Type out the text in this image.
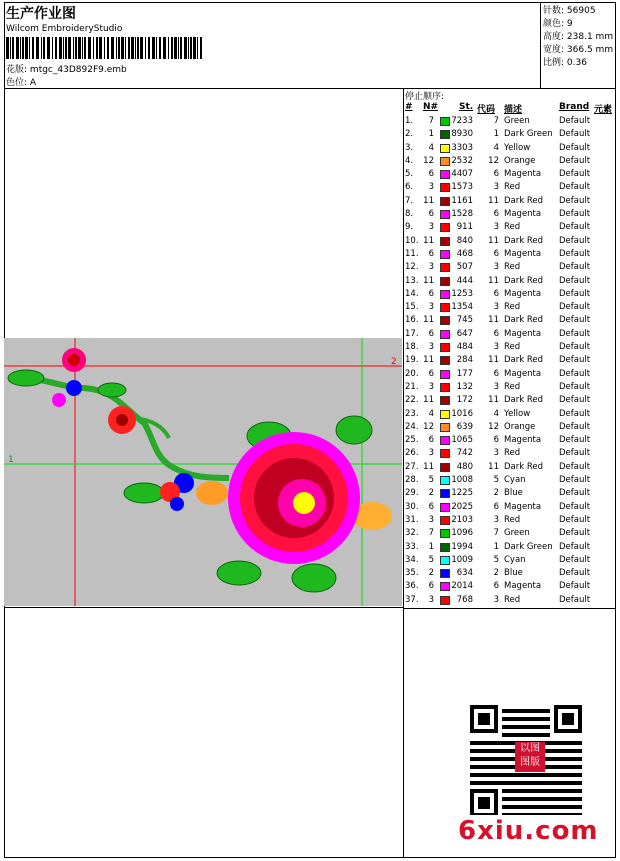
生产作业图
Wilcom EmbroideryStudio
花版: mtgc_43D892F9.emb
色位: A
针数: 56905
颜色: 9
高度: 238.1 mm
宽度: 366.5 mm
比例: 0.36
停止顺序:
# N# St. 代码 描述	Brand 元素
1.	7 7233	7 Green	Default
2.	1 8930	1 Dark Green Default
3.	4 3303	4 Yellow	Default
4. 12 2532 12 Orange	Default
5.	6 4407	6 Magenta Default
6.	3 1573	3 Red	Default
7. 11 1161 11 Dark Red Default
8.	6 1528	6 Magenta Default
9.	3	911	3 Red	Default
10. 11	840 11 Dark Red Default
11.	6	468	6 Magenta Default
12.	3	507	3 Red	Default
13. 11	444 11 Dark Red Default
14.	6 1253	6 Magenta Default
15.	3 1354	3 Red	Default
16. 11	745 11 Dark Red Default
17.	6	647	6 Magenta Default
18.	3	484	3 Red	Default
19. 11	284 11 Dark Red Default
20.	6	177	6 Magenta Default
21.	3	132	3 Red	Default
22. 11	172 11 Dark Red Default
23.	4 1016	4 Yellow	Default
24. 12	639 12 Orange	Default
25.	6 1065	6 Magenta Default
26.	3	742	3 Red	Default
27. 11	480 11 Dark Red Default
28.	5 1008	5 Cyan	Default
29.	2 1225	2 Blue	Default
30.	6 2025	6 Magenta Default
31.	3 2103	3 Red	Default
32.	7 1096	7 Green	Default
33.	1 1994	1 Dark Green Default
34.	5 1009	5 Cyan	Default
35.	2	634	2 Blue	Default
36.	6 2014	6 Magenta Default
37.	3	768	3 Red	Default
1
2
以图
图版
6xiu.com
